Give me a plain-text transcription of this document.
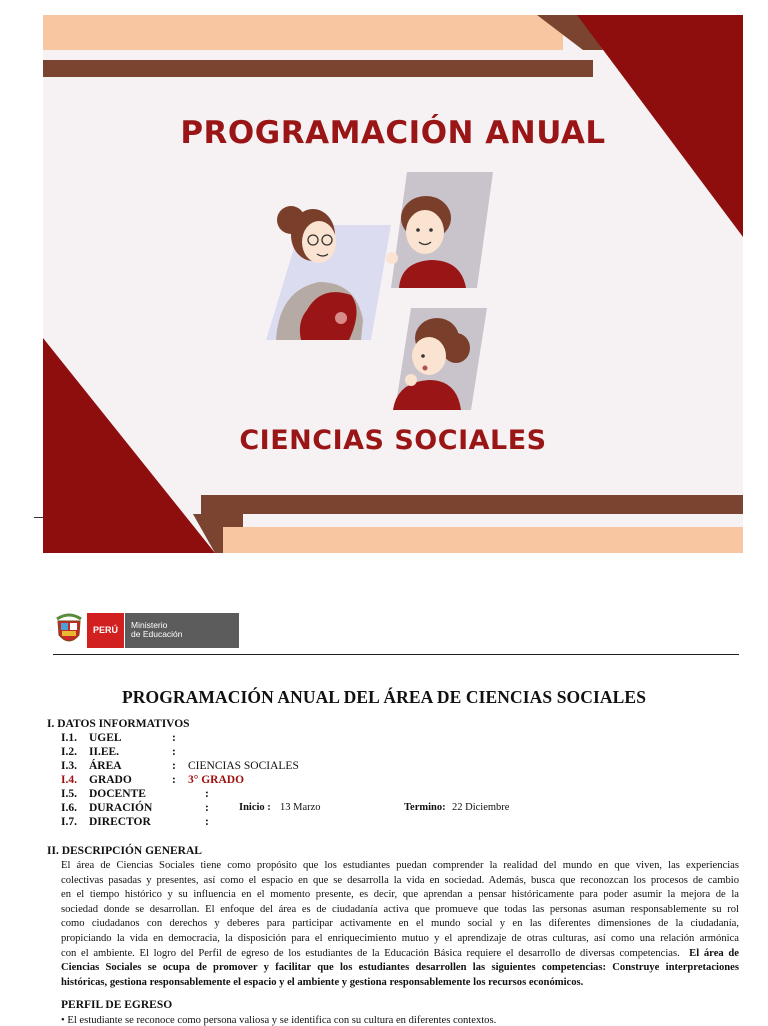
PROGRAMACIÓN ANUAL
CIENCIAS SOCIALES
PERÚ	Ministerio
de Educación
PROGRAMACIÓN ANUAL DEL ÁREA DE CIENCIAS SOCIALES
I. DATOS INFORMATIVOS
I.1. UGEL	:
I.2. II.EE.	:
I.3. ÁREA	: CIENCIAS SOCIALES
I.4. GRADO	: 3° GRADO
I.5. DOCENTE	:
I.6. DURACIÓN	:	Inicio : 13 Marzo	Termino: 22 Diciembre
I.7. DIRECTOR	:
II. DESCRIPCIÓN GENERAL
El área de Ciencias Sociales tiene como propósito que los estudiantes puedan comprender la realidad del mundo en que viven, las experiencias
colectivas pasadas y presentes, así como el espacio en que se desarrolla la vida en sociedad. Además, busca que reconozcan los procesos de cambio
en el tiempo histórico y su influencia en el momento presente, es decir, que aprendan a pensar históricamente para poder asumir la mejora de la
sociedad donde se desarrollan. El enfoque del área es de ciudadanía activa que promueve que todas las personas asuman responsablemente su rol
como ciudadanos con derechos y deberes para participar activamente en el mundo social y en las diferentes dimensiones de la ciudadanía,
propiciando la vida en democracia, la disposición para el enriquecimiento mutuo y el aprendizaje de otras culturas, así como una relación armónica
con el ambiente. El logro del Perfil de egreso de los estudiantes de la Educación Básica requiere el desarrollo de diversas competencias. El área de
Ciencias Sociales se ocupa de promover y facilitar que los estudiantes desarrollen las siguientes competencias: Construye interpretaciones
históricas, gestiona responsablemente el espacio y el ambiente y gestiona responsablemente los recursos económicos.
PERFIL DE EGRESO
• El estudiante se reconoce como persona valiosa y se identifica con su cultura en diferentes contextos.
